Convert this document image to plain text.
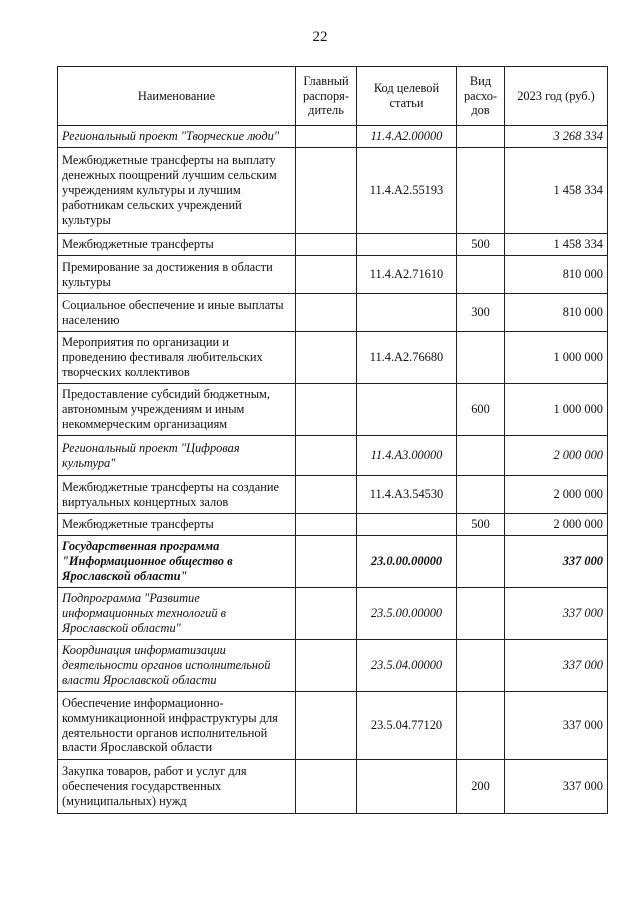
22
Наименование	Главный распоря-дитель	Код целевой статьи	Вид расхо-дов	2023 год (руб.)
Региональный проект "Творческие люди"		11.4.А2.00000		3 268 334
Межбюджетные трансферты на выплату денежных поощрений лучшим сельским учреждениям культуры и лучшим работникам сельских учреждений культуры		11.4.А2.55193		1 458 334
Межбюджетные трансферты			500	1 458 334
Премирование за достижения в области культуры		11.4.А2.71610		810 000
Социальное обеспечение и иные выплаты населению			300	810 000
Мероприятия по организации и проведению фестиваля любительских творческих коллективов		11.4.А2.76680		1 000 000
Предоставление субсидий бюджетным, автономным учреждениям и иным некоммерческим организациям			600	1 000 000
Региональный проект "Цифровая культура"		11.4.А3.00000		2 000 000
Межбюджетные трансферты на создание виртуальных концертных залов		11.4.А3.54530		2 000 000
Межбюджетные трансферты			500	2 000 000
Государственная программа "Информационное общество в Ярославской области"		23.0.00.00000		337 000
Подпрограмма "Развитие информационных технологий в Ярославской области"		23.5.00.00000		337 000
Координация информатизации деятельности органов исполнительной власти Ярославской области		23.5.04.00000		337 000
Обеспечение информационно-коммуникационной инфраструктуры для деятельности органов исполнительной власти Ярославской области		23.5.04.77120		337 000
Закупка товаров, работ и услуг для обеспечения государственных (муниципальных) нужд			200	337 000
